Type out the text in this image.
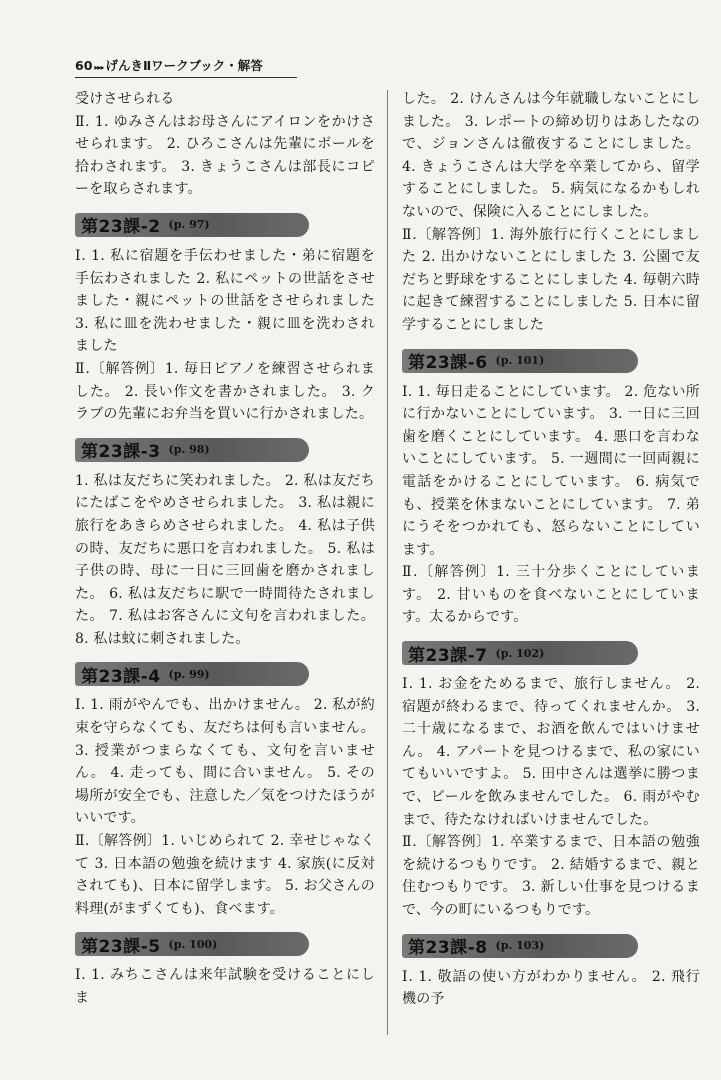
60 ▸▸▸ げんきⅡワークブック・解答

受けさせられる

Ⅱ. 1. ゆみさんはお母さんにアイロンをかけさせられます。 2. ひろこさんは先輩にボールを拾わされます。 3. きょうこさんは部長にコピーを取らされます。

第23課-2 (p. 97)

Ⅰ. 1. 私に宿題を手伝わせました・弟に宿題を手伝わされました 2. 私にペットの世話をさせました・親にペットの世話をさせられました 3. 私に皿を洗わせました・親に皿を洗わされました

Ⅱ.〔解答例〕1. 毎日ピアノを練習させられました。 2. 長い作文を書かされました。 3. クラブの先輩にお弁当を買いに行かされました。

第23課-3 (p. 98)

1. 私は友だちに笑われました。 2. 私は友だちにたばこをやめさせられました。 3. 私は親に旅行をあきらめさせられました。 4. 私は子供の時、友だちに悪口を言われました。 5. 私は子供の時、母に一日に三回歯を磨かされました。 6. 私は友だちに駅で一時間待たされました。 7. 私はお客さんに文句を言われました。 8. 私は蚊に刺されました。

第23課-4 (p. 99)

Ⅰ. 1. 雨がやんでも、出かけません。 2. 私が約束を守らなくても、友だちは何も言いません。 3. 授業がつまらなくても、文句を言いません。 4. 走っても、間に合いません。 5. その場所が安全でも、注意した／気をつけたほうがいいです。

Ⅱ.〔解答例〕1. いじめられて 2. 幸せじゃなくて 3. 日本語の勉強を続けます 4. 家族(に反対されても)、日本に留学します。 5. お父さんの料理(がまずくても)、食べます。

第23課-5 (p. 100)

Ⅰ. 1. みちこさんは来年試験を受けることにしま

した。 2. けんさんは今年就職しないことにしました。 3. レポートの締め切りはあしたなので、ジョンさんは徹夜することにしました。 4. きょうこさんは大学を卒業してから、留学することにしました。 5. 病気になるかもしれないので、保険に入ることにしました。

Ⅱ.〔解答例〕1. 海外旅行に行くことにしました 2. 出かけないことにしました 3. 公園で友だちと野球をすることにしました 4. 毎朝六時に起きて練習することにしました 5. 日本に留学することにしました

第23課-6 (p. 101)

Ⅰ. 1. 毎日走ることにしています。 2. 危ない所に行かないことにしています。 3. 一日に三回歯を磨くことにしています。 4. 悪口を言わないことにしています。 5. 一週間に一回両親に電話をかけることにしています。 6. 病気でも、授業を休まないことにしています。 7. 弟にうそをつかれても、怒らないことにしています。

Ⅱ.〔解答例〕1. 三十分歩くことにしています。 2. 甘いものを食べないことにしています。太るからです。

第23課-7 (p. 102)

Ⅰ. 1. お金をためるまで、旅行しません。 2. 宿題が終わるまで、待ってくれませんか。 3. 二十歳になるまで、お酒を飲んではいけません。 4. アパートを見つけるまで、私の家にいてもいいですよ。 5. 田中さんは選挙に勝つまで、ビールを飲みませんでした。 6. 雨がやむまで、待たなければいけませんでした。

Ⅱ.〔解答例〕1. 卒業するまで、日本語の勉強を続けるつもりです。 2. 結婚するまで、親と住むつもりです。 3. 新しい仕事を見つけるまで、今の町にいるつもりです。

第23課-8 (p. 103)

Ⅰ. 1. 敬語の使い方がわかりません。 2. 飛行機の予
